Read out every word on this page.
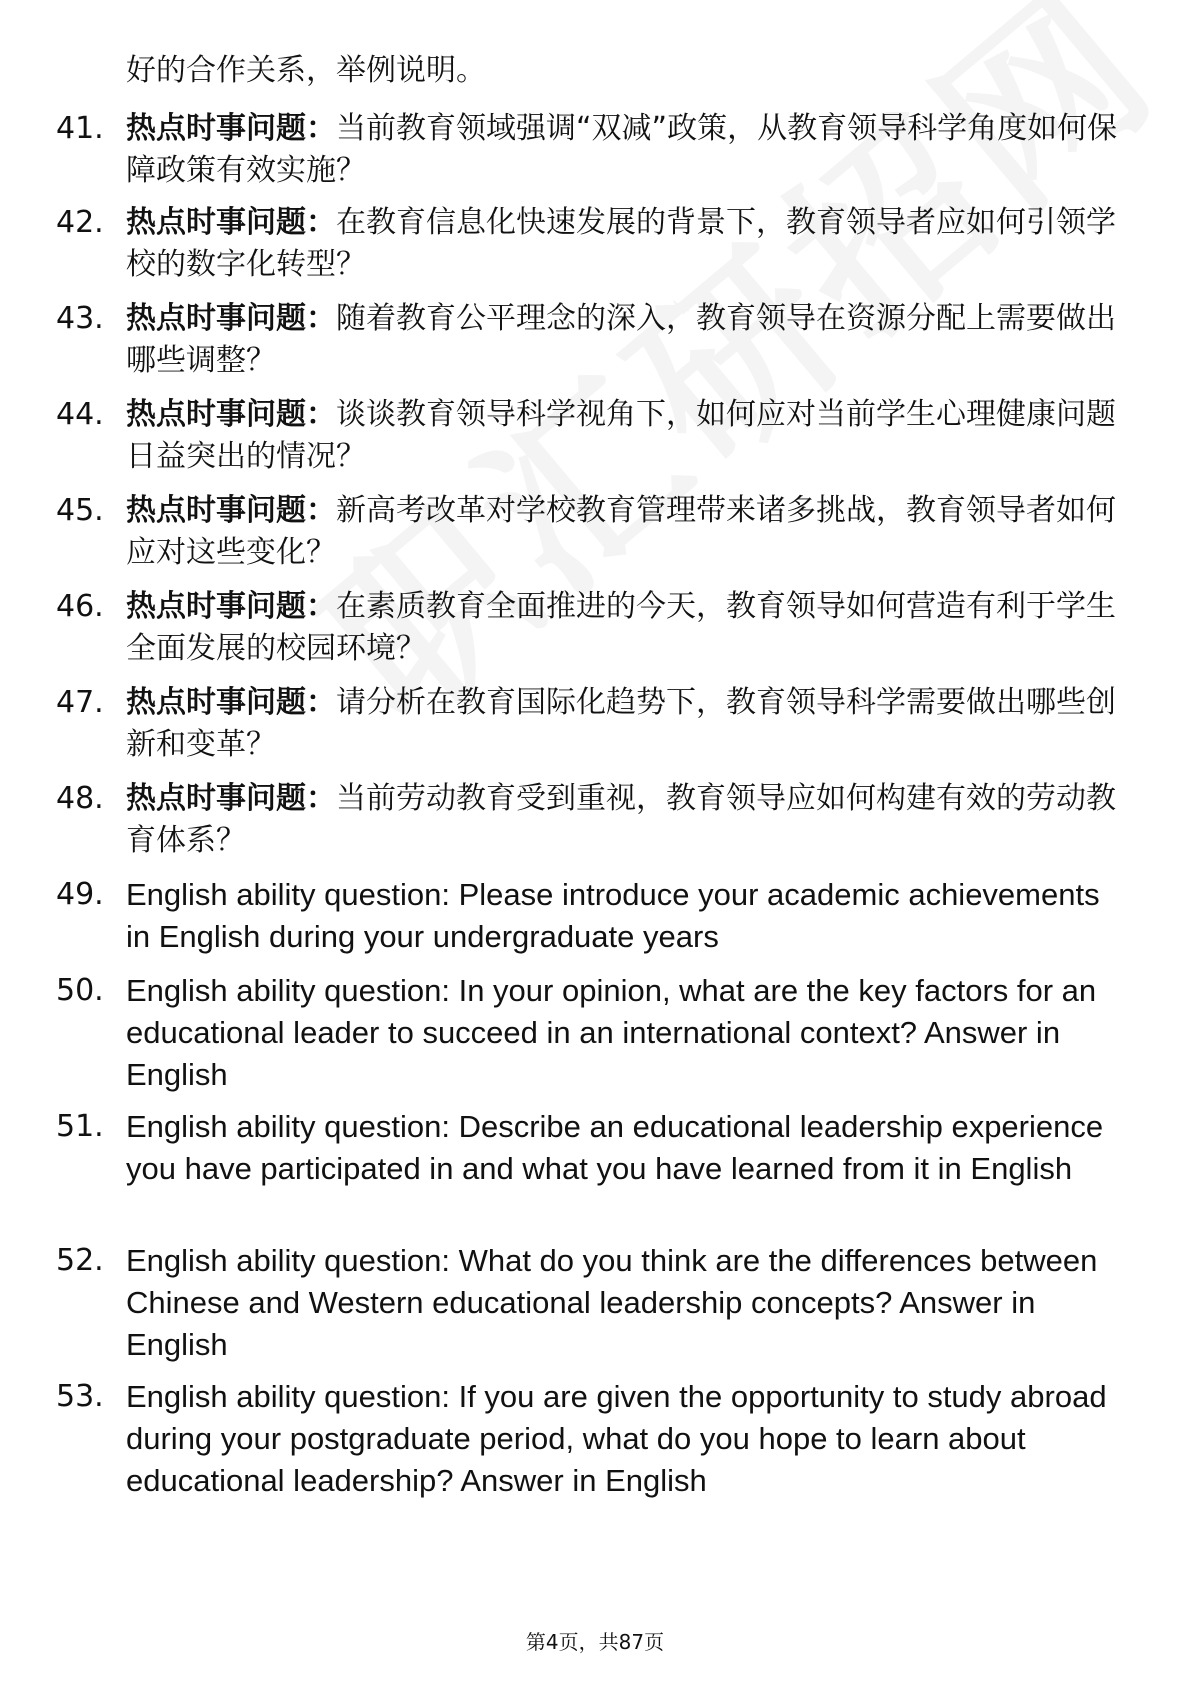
好的合作关系，举例说明。
41. 热点时事问题：当前教育领域强调“双减”政策，从教育领导科学角度如何保障政策有效实施？
42. 热点时事问题：在教育信息化快速发展的背景下，教育领导者应如何引领学校的数字化转型？
43. 热点时事问题：随着教育公平理念的深入，教育领导在资源分配上需要做出哪些调整？
44. 热点时事问题：谈谈教育领导科学视角下，如何应对当前学生心理健康问题日益突出的情况？
45. 热点时事问题：新高考改革对学校教育管理带来诸多挑战，教育领导者如何应对这些变化？
46. 热点时事问题：在素质教育全面推进的今天，教育领导如何营造有利于学生全面发展的校园环境？
47. 热点时事问题：请分析在教育国际化趋势下，教育领导科学需要做出哪些创新和变革？
48. 热点时事问题：当前劳动教育受到重视，教育领导应如何构建有效的劳动教育体系？
49. English ability question: Please introduce your academic achievements in English during your undergraduate years
50. English ability question: In your opinion, what are the key factors for an educational leader to succeed in an international context? Answer in English
51. English ability question: Describe an educational leadership experience you have participated in and what you have learned from it in English
52. English ability question: What do you think are the differences between Chinese and Western educational leadership concepts? Answer in English
53. English ability question: If you are given the opportunity to study abroad during your postgraduate period, what do you hope to learn about educational leadership? Answer in English
第4页，共87页
